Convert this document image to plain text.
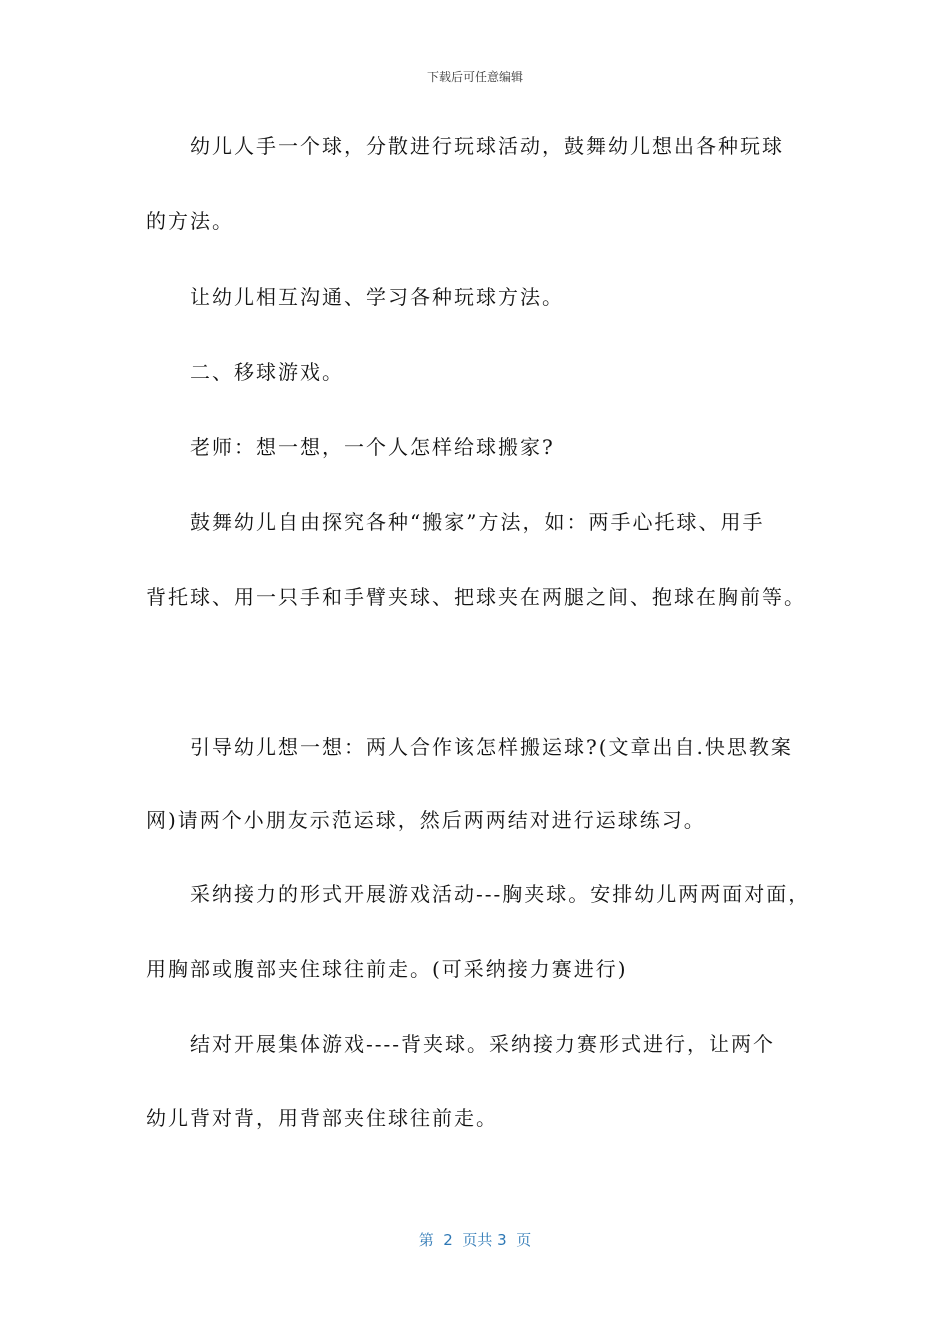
下载后可任意编辑
幼儿人手一个球，分散进行玩球活动，鼓舞幼儿想出各种玩球
的方法。
让幼儿相互沟通、学习各种玩球方法。
二、移球游戏。
老师：想一想，一个人怎样给球搬家?
鼓舞幼儿自由探究各种“搬家”方法，如：两手心托球、用手
背托球、用一只手和手臂夹球、把球夹在两腿之间、抱球在胸前等。
引导幼儿想一想：两人合作该怎样搬运球?(文章出自.快思教案
网)请两个小朋友示范运球，然后两两结对进行运球练习。
采纳接力的形式开展游戏活动---胸夹球。安排幼儿两两面对面，
用胸部或腹部夹住球往前走。(可采纳接力赛进行)
结对开展集体游戏----背夹球。采纳接力赛形式进行，让两个
幼儿背对背，用背部夹住球往前走。
第  2  页共 3  页
